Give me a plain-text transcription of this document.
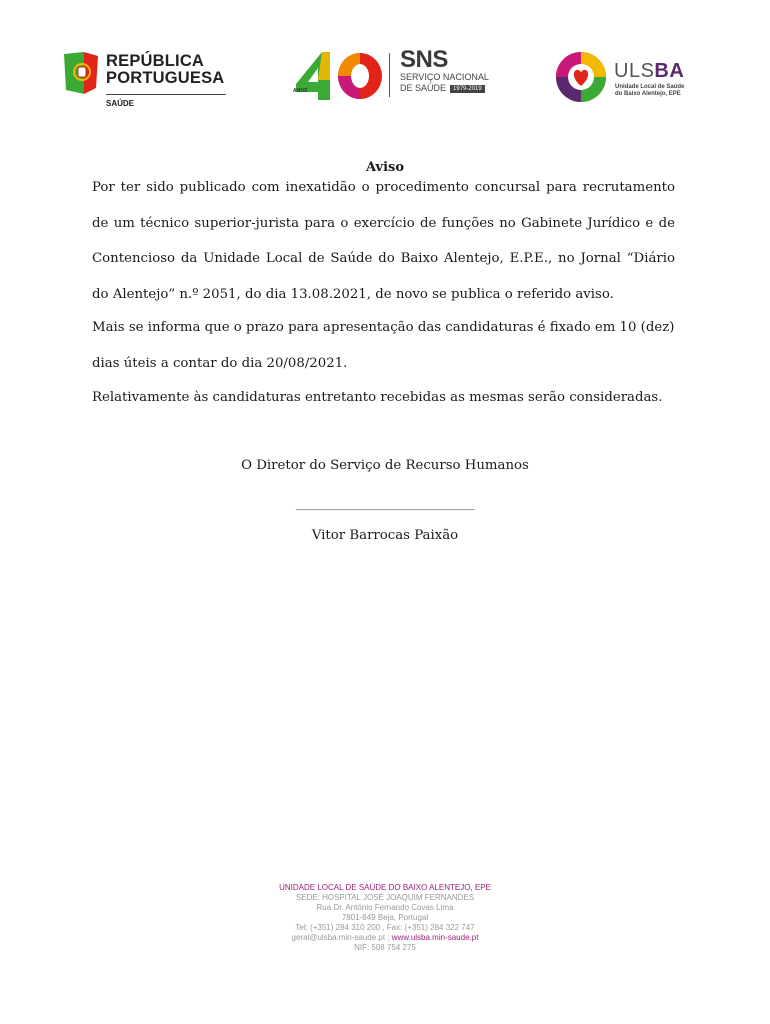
REPÚBLICA
PORTUGUESA
SAÚDE
ANOS
SNS
SERVIÇO NACIONAL
DE SAÚDE 1979-2019
ULSBA
Unidade Local de Saúde
do Baixo Alentejo, EPE
Aviso
Por ter sido publicado com inexatidão o procedimento concursal para recrutamento de um técnico superior-jurista para o exercício de funções no Gabinete Jurídico e de Contencioso da Unidade Local de Saúde do Baixo Alentejo, E.P.E., no Jornal “Diário do Alentejo” n.º 2051, do dia 13.08.2021, de novo se publica o referido aviso.
Mais se informa que o prazo para apresentação das candidaturas é fixado em 10 (dez) dias úteis a contar do dia 20/08/2021.
Relativamente às candidaturas entretanto recebidas as mesmas serão consideradas.
O Diretor do Serviço de Recurso Humanos
_____________________________
Vitor Barrocas Paixão
UNIDADE LOCAL DE SAÚDE DO BAIXO ALENTEJO, EPE
SEDE: HOSPITAL JOSÉ JOAQUIM FERNANDES
Rua Dr. António Fernando Covas Lima
7801-849 Beja, Portugal
Tel: (+351) 284 310 200 , Fax: (+351) 284 322 747
geral@ulsba.min-saude.pt ; www.ulsba.min-saude.pt
NIF: 508 754 275
